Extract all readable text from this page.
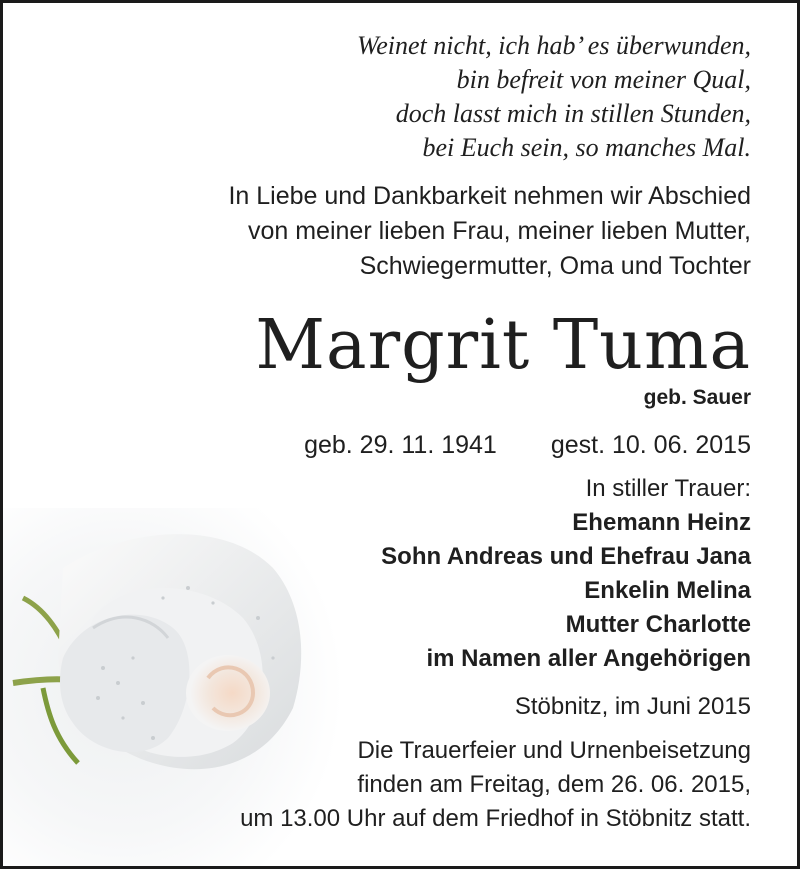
Weinet nicht, ich hab’ es überwunden,
bin befreit von meiner Qual,
doch lasst mich in stillen Stunden,
bei Euch sein, so manches Mal.
In Liebe und Dankbarkeit nehmen wir Abschied
von meiner lieben Frau, meiner lieben Mutter,
Schwiegermutter, Oma und Tochter
Margrit Tuma
geb. Sauer
geb. 29. 11. 1941 gest. 10. 06. 2015
In stiller Trauer:
Ehemann Heinz
Sohn Andreas und Ehefrau Jana
Enkelin Melina
Mutter Charlotte
im Namen aller Angehörigen
Stöbnitz, im Juni 2015
Die Trauerfeier und Urnenbeisetzung
finden am Freitag, dem 26. 06. 2015,
um 13.00 Uhr auf dem Friedhof in Stöbnitz statt.
